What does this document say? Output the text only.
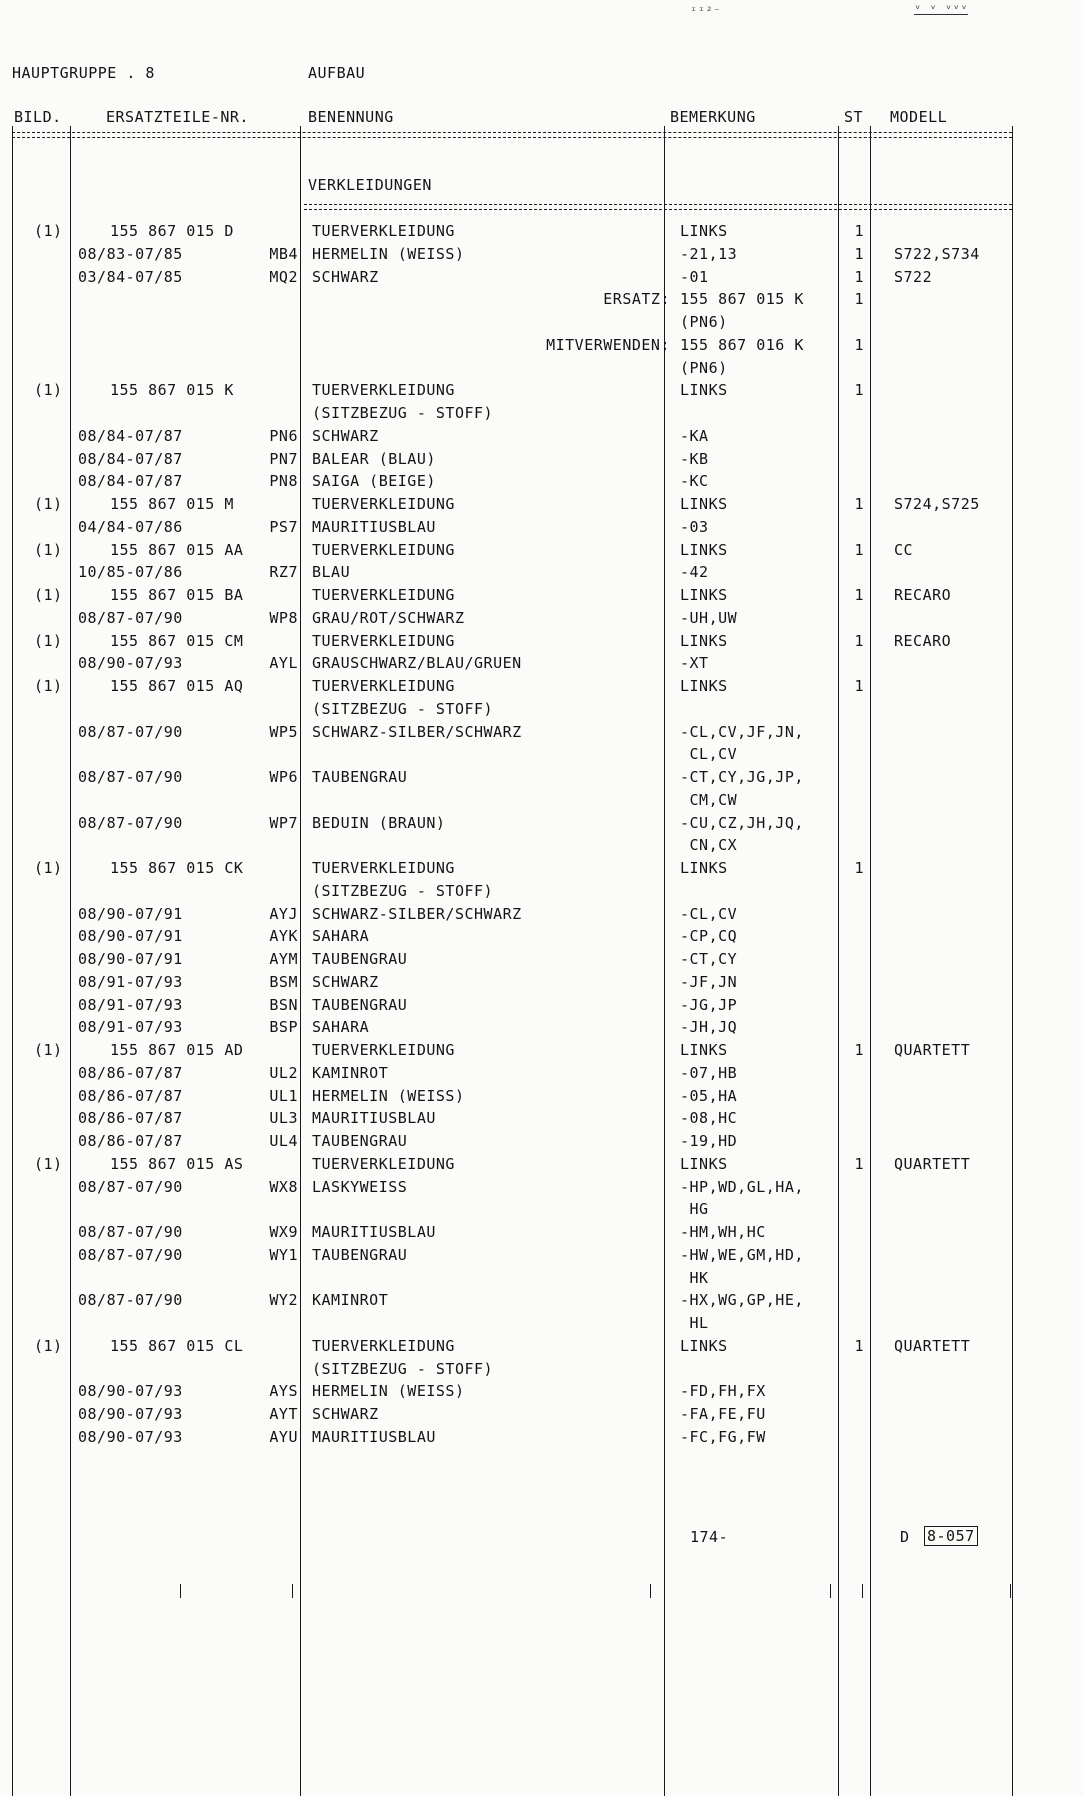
ᶦᶦ²⁻	ᵛ ᵛ ᵛᵛᵛ
HAUPTGRUPPE . 8	AUFBAU
BILD.	ERSATZTEILE-NR.	BENENNUNG	BEMERKUNG	ST MODELL
VERKLEIDUNGEN
(1)	155 867 015 D	TUERVERKLEIDUNG	LINKS	1
08/83-07/85	MB4 HERMELIN (WEISS)	-21,13	1 S722,S734
03/84-07/85	MQ2 SCHWARZ	-01	1 S722
ERSATZ: 155 867 015 K	1
(PN6)
MITVERWENDEN: 155 867 016 K	1
(PN6)
(1)	155 867 015 K	TUERVERKLEIDUNG	LINKS	1
(SITZBEZUG - STOFF)
08/84-07/87	PN6 SCHWARZ	-KA
08/84-07/87	PN7 BALEAR (BLAU)	-KB
08/84-07/87	PN8 SAIGA (BEIGE)	-KC
(1)	155 867 015 M	TUERVERKLEIDUNG	LINKS	1 S724,S725
04/84-07/86	PS7 MAURITIUSBLAU	-03
(1)	155 867 015 AA	TUERVERKLEIDUNG	LINKS	1 CC
10/85-07/86	RZ7 BLAU	-42
(1)	155 867 015 BA	TUERVERKLEIDUNG	LINKS	1 RECARO
08/87-07/90	WP8 GRAU/ROT/SCHWARZ	-UH,UW
(1)	155 867 015 CM	TUERVERKLEIDUNG	LINKS	1 RECARO
08/90-07/93	AYL GRAUSCHWARZ/BLAU/GRUEN	-XT
(1)	155 867 015 AQ	TUERVERKLEIDUNG	LINKS	1
(SITZBEZUG - STOFF)
08/87-07/90	WP5 SCHWARZ-SILBER/SCHWARZ	-CL,CV,JF,JN,
CL,CV
08/87-07/90	WP6 TAUBENGRAU	-CT,CY,JG,JP,
CM,CW
08/87-07/90	WP7 BEDUIN (BRAUN)	-CU,CZ,JH,JQ,
CN,CX
(1)	155 867 015 CK	TUERVERKLEIDUNG	LINKS	1
(SITZBEZUG - STOFF)
08/90-07/91	AYJ SCHWARZ-SILBER/SCHWARZ	-CL,CV
08/90-07/91	AYK SAHARA	-CP,CQ
08/90-07/91	AYM TAUBENGRAU	-CT,CY
08/91-07/93	BSM SCHWARZ	-JF,JN
08/91-07/93	BSN TAUBENGRAU	-JG,JP
08/91-07/93	BSP SAHARA	-JH,JQ
(1)	155 867 015 AD	TUERVERKLEIDUNG	LINKS	1 QUARTETT
08/86-07/87	UL2 KAMINROT	-07,HB
08/86-07/87	UL1 HERMELIN (WEISS)	-05,HA
08/86-07/87	UL3 MAURITIUSBLAU	-08,HC
08/86-07/87	UL4 TAUBENGRAU	-19,HD
(1)	155 867 015 AS	TUERVERKLEIDUNG	LINKS	1 QUARTETT
08/87-07/90	WX8 LASKYWEISS	-HP,WD,GL,HA,
HG
08/87-07/90	WX9 MAURITIUSBLAU	-HM,WH,HC
08/87-07/90	WY1 TAUBENGRAU	-HW,WE,GM,HD,
HK
08/87-07/90	WY2 KAMINROT	-HX,WG,GP,HE,
HL
(1)	155 867 015 CL	TUERVERKLEIDUNG	LINKS	1 QUARTETT
(SITZBEZUG - STOFF)
08/90-07/93	AYS HERMELIN (WEISS)	-FD,FH,FX
08/90-07/93	AYT SCHWARZ	-FA,FE,FU
08/90-07/93	AYU MAURITIUSBLAU	-FC,FG,FW
174-	D 8-057
